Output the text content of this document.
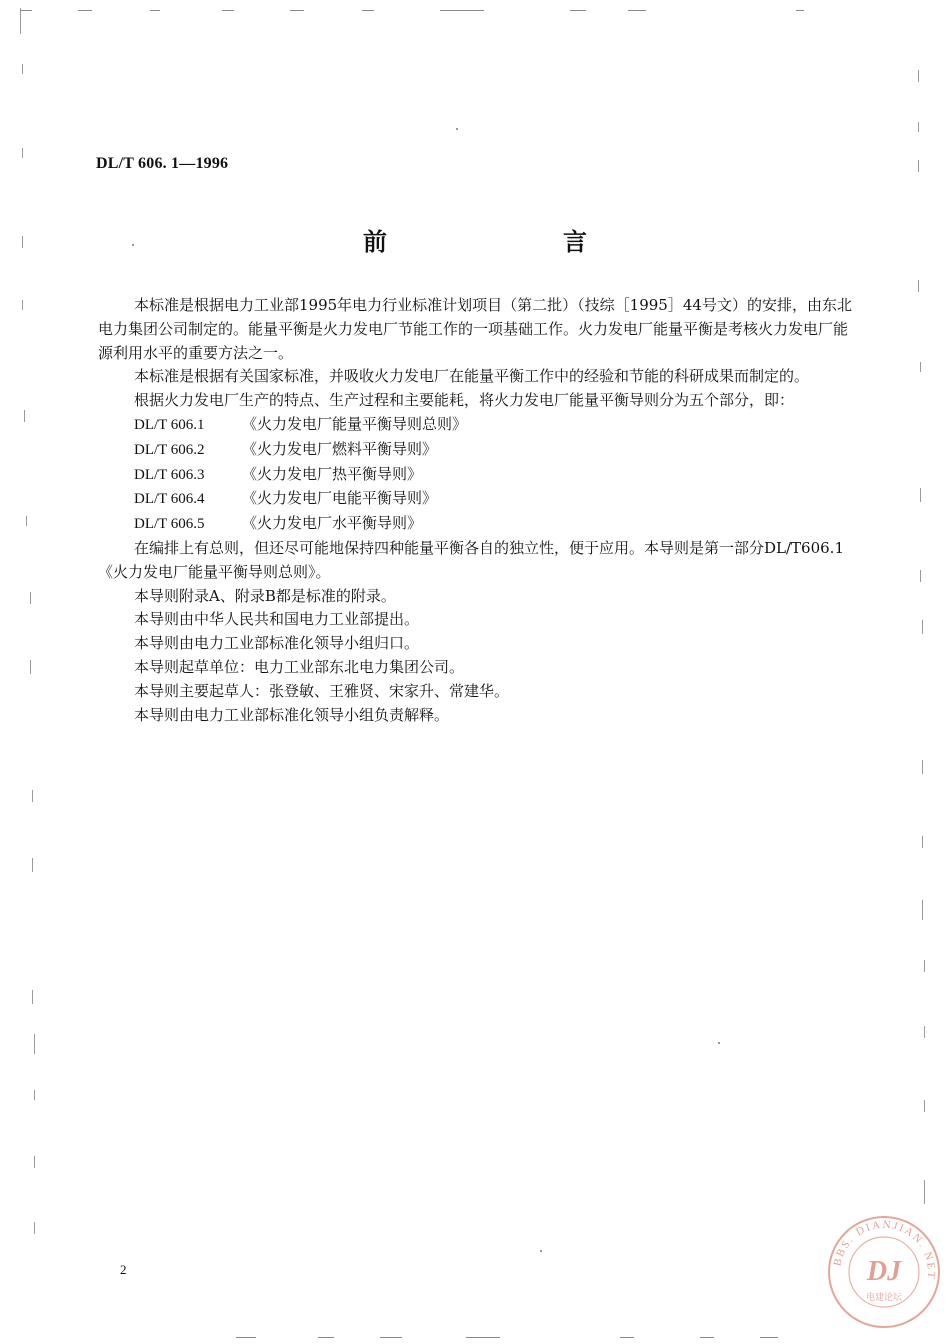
DL/T 606. 1—1996
前　言

本标准是根据电力工业部1995年电力行业标准计划项目（第二批）（技综［1995］44号文）的安排，由东北电力集团公司制定的。能量平衡是火力发电厂节能工作的一项基础工作。火力发电厂能量平衡是考核火力发电厂能源利用水平的重要方法之一。

本标准是根据有关国家标准，并吸收火力发电厂在能量平衡工作中的经验和节能的科研成果而制定的。

根据火力发电厂生产的特点、生产过程和主要能耗，将火力发电厂能量平衡导则分为五个部分，即：

DL/T 606.1 《火力发电厂能量平衡导则总则》
DL/T 606.2 《火力发电厂燃料平衡导则》
DL/T 606.3 《火力发电厂热平衡导则》
DL/T 606.4 《火力发电厂电能平衡导则》
DL/T 606.5 《火力发电厂水平衡导则》

在编排上有总则，但还尽可能地保持四种能量平衡各自的独立性，便于应用。本导则是第一部分DL/T606.1《火力发电厂能量平衡导则总则》。

本导则附录A、附录B都是标准的附录。

本导则由中华人民共和国电力工业部提出。

本导则由电力工业部标准化领导小组归口。

本导则起草单位：电力工业部东北电力集团公司。

本导则主要起草人：张登敏、王雅贤、宋家升、常建华。

本导则由电力工业部标准化领导小组负责解释。

2
BBS. DIANJIAN. NET
DJ
电建论坛
